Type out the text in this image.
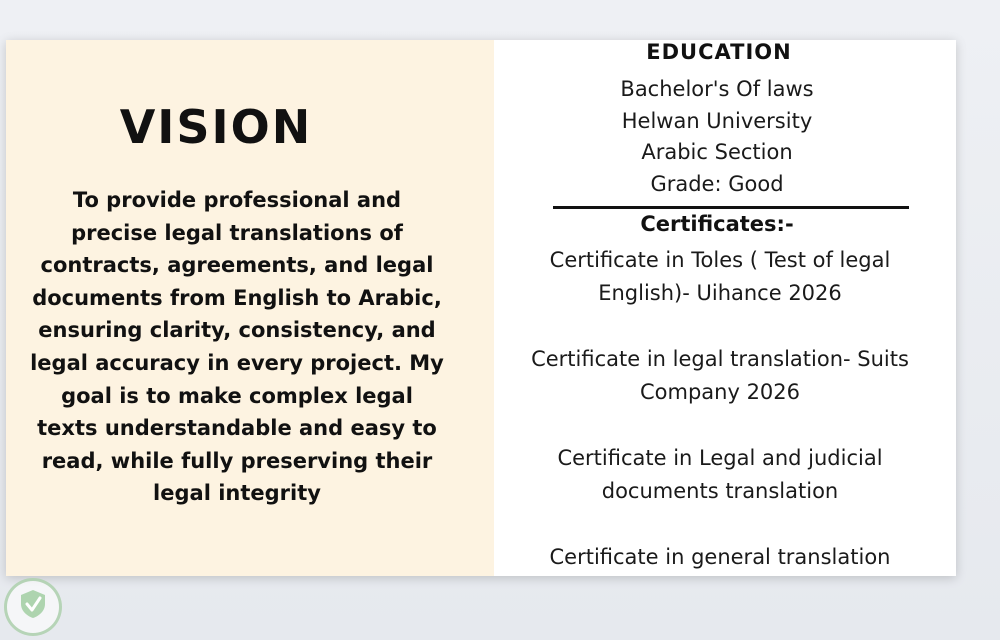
VISION
To provide professional and precise legal translations of contracts, agreements, and legal documents from English to Arabic, ensuring clarity, consistency, and legal accuracy in every project. My goal is to make complex legal texts understandable and easy to read, while fully preserving their legal integrity
EDUCATION
Bachelor's Of laws
Helwan University
Arabic Section
Grade: Good
Certificates:-
Certificate in Toles ( Test of legal English)- Uihance 2026
Certificate in legal translation- Suits Company 2026
Certificate in Legal and judicial documents translation
Certificate in general translation
